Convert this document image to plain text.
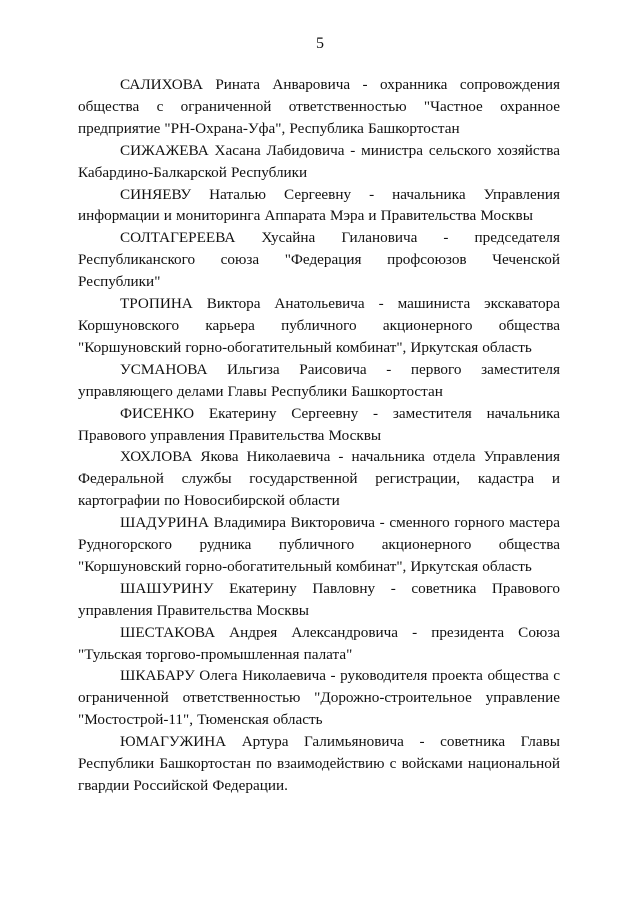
5

САЛИХОВА Рината Анваровича - охранника сопровождения общества с ограниченной ответственностью "Частное охранное предприятие "РН-Охрана-Уфа", Республика Башкортостан

СИЖАЖЕВА Хасана Лабидовича - министра сельского хозяйства Кабардино-Балкарской Республики

СИНЯЕВУ Наталью Сергеевну - начальника Управления информации и мониторинга Аппарата Мэра и Правительства Москвы

СОЛТАГЕРЕЕВА Хусайна Гилановича - председателя Республиканского союза "Федерация профсоюзов Чеченской Республики"

ТРОПИНА Виктора Анатольевича - машиниста экскаватора Коршуновского карьера публичного акционерного общества "Коршуновский горно-обогатительный комбинат", Иркутская область

УСМАНОВА Ильгиза Раисовича - первого заместителя управляющего делами Главы Республики Башкортостан

ФИСЕНКО Екатерину Сергеевну - заместителя начальника Правового управления Правительства Москвы

ХОХЛОВА Якова Николаевича - начальника отдела Управления Федеральной службы государственной регистрации, кадастра и картографии по Новосибирской области

ШАДУРИНА Владимира Викторовича - сменного горного мастера Рудногорского рудника публичного акционерного общества "Коршуновский горно-обогатительный комбинат", Иркутская область

ШАШУРИНУ Екатерину Павловну - советника Правового управления Правительства Москвы

ШЕСТАКОВА Андрея Александровича - президента Союза "Тульская торгово-промышленная палата"

ШКАБАРУ Олега Николаевича - руководителя проекта общества с ограниченной ответственностью "Дорожно-строительное управление "Мостострой-11", Тюменская область

ЮМАГУЖИНА Артура Галимьяновича - советника Главы Республики Башкортостан по взаимодействию с войсками национальной гвардии Российской Федерации.
